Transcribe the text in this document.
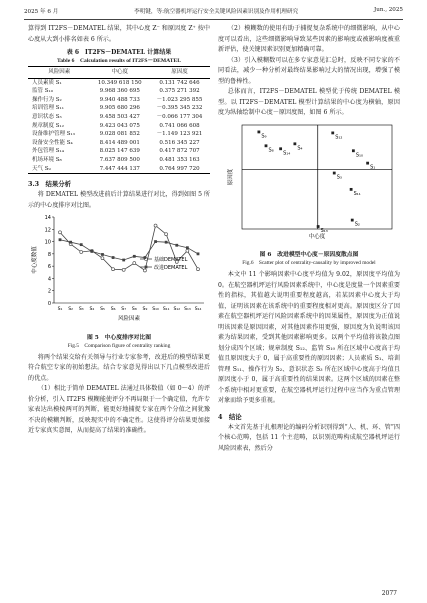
2025 年 6 月	李明键，等:航空器机坪运行安全关键风险因素识别及作用机理研究	Jun., 2025

算得到 IT2FS－DEMATEL 结果，其中心度 Z⁻ 和原因度 Z⁺ 按中心度从大到小排名如表 6 所示。

表 6　IT2FS－DEMATEL 计算结果
Table 6　Calculation results of IT2FS－DEMATEL
风险因素	中心度	原因度
人员素质 S₁	10.349 618 150	0.131 742 646
监管 S₁₀	9.968 360 695	0.375 271 392
操作行为 S₂	9.940 488 733	－1.023 295 855
培训管理 S₁₁	9.905 680 296	－0.395 345 232
意识状态 S₃	9.458 503 427	－0.066 177 304
规章制度 S₁₂	9.423 043 075	0.741 066 608
设备维护管理 S₁₃	9.028 081 852	－1.149 123 921
设备安全性能 S₄	8.414 489 001	0.516 345 227
外包管理 S₁₄	8.025 147 639	0.417 872 707
机场环境 S₈	7.637 809 500	0.481 353 163
天气 S₉	7.447 444 137	0.764 997 720
3.3　结果分析

将 DEMATEL 模型改进前后计算结果进行对比，得到如图 5 所示的中心度排序对比图。

0
2
4
6
8
10
12
14
S₁ S₂ S₃ S₄ S₅ S₆ S₇ S₈ S₉ S₁₀ S₁₁ S₁₂ S₁₃ S₁₄
风险因素
中心度数值	基础DEMATEL
改进DEMATEL
图 5　中心度排序对比图
Fig.5　Comparison figure of centrality ranking

将两个结果交给有关领导与行业专家参考，改进后的模型结果更符合航空专家的初始想法。结合专家意见得出以下几点模型改进后的优点。

（1）相比于简单 DEMATEL 法通过具体数值（如 0～4）的评价分析，引入 IT2FS 模糊能使评分不再局限于一个确定值，允许专家表达出模棱两可的判断，能更好地捕捉专家在两个分值之间犹豫不决的模糊判断，反映现实中的不确定性。这使得评分结果更加接近专家真实意图，从而提高了结果的准确性。

（2）模糊数的使用有助于捕捉复杂系统中的细微影响，从中心度可以看出，这些细微影响导致某些因素的影响度或被影响度被重新评估，使关键因素识别更加精确可靠。

（3）引入模糊数可以在多专家意见汇总时，反映不同专家的不同看法，减少一种分析对最终结果影响过大的情况出现，增强了模型的鲁棒性。

总体而言，IT2FS－DEMATEL 模型优于传统 DEMATEL 模型。以 IT2FS－DEMATEL 模型计算结果的中心度为横轴，原因度为纵轴绘制中心度－原因度图，如图 6 所示。

中心度
原因度
S₁
S₁₀
S₂
S₁₁
S₃
S₁₂
S₁₃
S₄
S₁₄
S₈
S₉
图 6　改进模型中心度－原因度散点图
Fig.6　Scatter plot of centrality-causality by improved model

本文中 11 个影响因素中心度平均值为 9.02，原因度平均值为 0。在航空器机坪运行风险因素系统中，中心度是度量一个因素重要性的指标，其值越大说明重要程度越高，若某因素中心度大于均值，证明该因素在该系统中的重要程度相对更高。原因度区分了因素在航空器机坪运行风险因素系统中的因果属性，原因度为正值说明该因素是原因因素，对其他因素作用更强，原因度为负说明该因素为结果因素，受到其他因素影响更多。以两个平均值将该散点图划分成四个区域；规章制度 S₁₂、监管 S₁₀ 所在区域中心度高于均值且原因度大于 0，属于高重要性的原因因素；人员素质 S₁、培训管理 S₁₁、操作行为 S₂、意识状态 S₃ 所在区域中心度高于均值且原因度小于 0，属于高重要性的结果因素。这两个区域的因素在整个系统中相对更重要，在航空器机坪运行过程中应当作为重点管理对象而给予更多重视。

4　结论

本文首先基于扎根理论的编码分析识别得到“人、机、环、管”四个核心范畴，包括 11 个主范畴，以识别范畴构成航空器机坪运行风险因素表，然后分

2077
